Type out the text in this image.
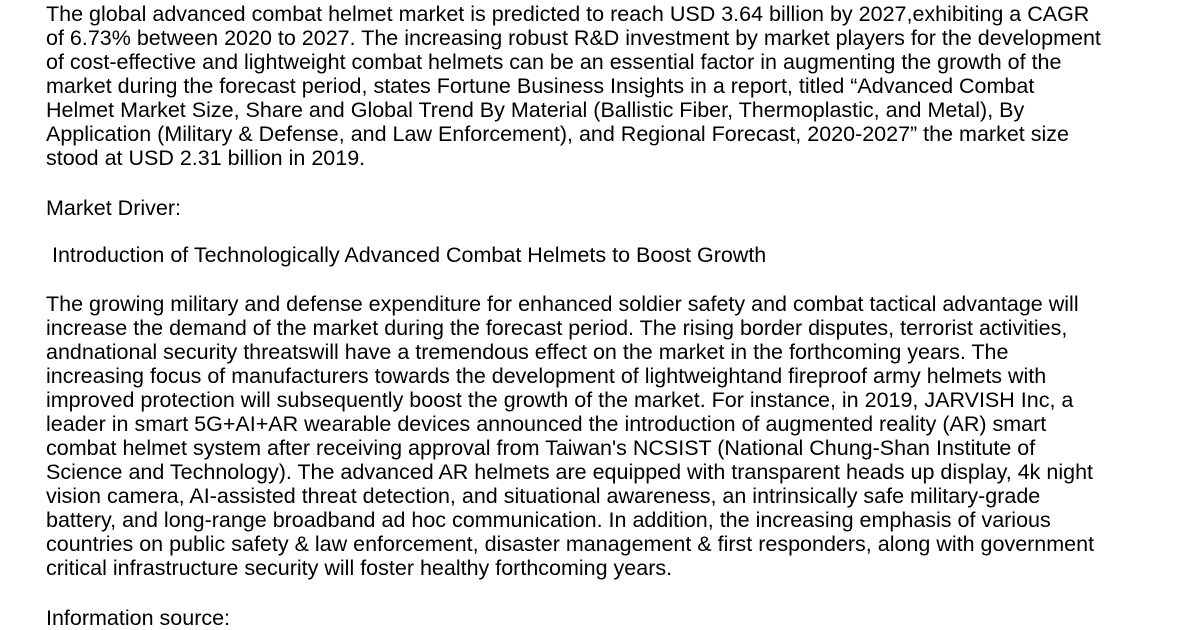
The global advanced combat helmet market is predicted to reach USD 3.64 billion by 2027,exhibiting a CAGR
of 6.73% between 2020 to 2027. The increasing robust R&D investment by market players for the development
of cost-effective and lightweight combat helmets can be an essential factor in augmenting the growth of the
market during the forecast period, states Fortune Business Insights in a report, titled “Advanced Combat
Helmet Market Size, Share and Global Trend By Material (Ballistic Fiber, Thermoplastic, and Metal), By
Application (Military & Defense, and Law Enforcement), and Regional Forecast, 2020-2027” the market size
stood at USD 2.31 billion in 2019.
Market Driver:
Introduction of Technologically Advanced Combat Helmets to Boost Growth
The growing military and defense expenditure for enhanced soldier safety and combat tactical advantage will
increase the demand of the market during the forecast period. The rising border disputes, terrorist activities,
andnational security threatswill have a tremendous effect on the market in the forthcoming years. The
increasing focus of manufacturers towards the development of lightweightand fireproof army helmets with
improved protection will subsequently boost the growth of the market. For instance, in 2019, JARVISH Inc, a
leader in smart 5G+AI+AR wearable devices announced the introduction of augmented reality (AR) smart
combat helmet system after receiving approval from Taiwan's NCSIST (National Chung-Shan Institute of
Science and Technology). The advanced AR helmets are equipped with transparent heads up display, 4k night
vision camera, AI-assisted threat detection, and situational awareness, an intrinsically safe military-grade
battery, and long-range broadband ad hoc communication. In addition, the increasing emphasis of various
countries on public safety & law enforcement, disaster management & first responders, along with government
critical infrastructure security will foster healthy forthcoming years.
Information source:
